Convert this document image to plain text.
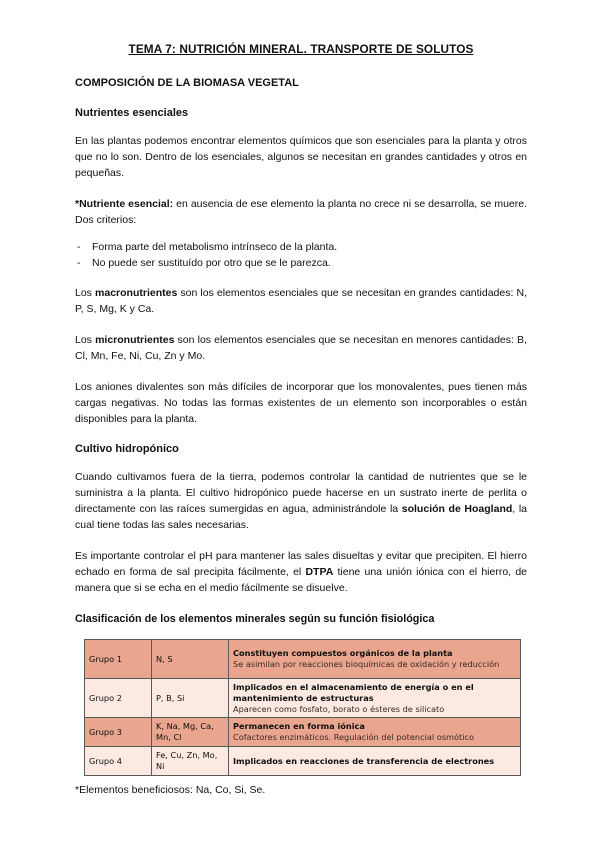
TEMA 7: NUTRICIÓN MINERAL. TRANSPORTE DE SOLUTOS
COMPOSICIÓN DE LA BIOMASA VEGETAL
Nutrientes esenciales
En las plantas podemos encontrar elementos químicos que son esenciales para la planta y otros que no lo son. Dentro de los esenciales, algunos se necesitan en grandes cantidades y otros en pequeñas.
*Nutriente esencial: en ausencia de ese elemento la planta no crece ni se desarrolla, se muere. Dos criterios:
- Forma parte del metabolismo intrínseco de la planta.
- No puede ser sustituído por otro que se le parezca.
Los macronutrientes son los elementos esenciales que se necesitan en grandes cantidades: N, P, S, Mg, K y Ca.
Los micronutrientes son los elementos esenciales que se necesitan en menores cantidades: B, Cl, Mn, Fe, Ni, Cu, Zn y Mo.
Los aniones divalentes son más difíciles de incorporar que los monovalentes, pues tienen más cargas negativas. No todas las formas existentes de un elemento son incorporables o están disponibles para la planta.
Cultivo hidropónico
Cuando cultivamos fuera de la tierra, podemos controlar la cantidad de nutrientes que se le suministra a la planta. El cultivo hidropónico puede hacerse en un sustrato inerte de perlita o directamente con las raíces sumergidas en agua, administrándole la solución de Hoagland, la cual tiene todas las sales necesarias.
Es importante controlar el pH para mantener las sales disueltas y evitar que precipiten. El hierro echado en forma de sal precipita fácilmente, el DTPA tiene una unión iónica con el hierro, de manera que si se echa en el medio fácilmente se disuelve.
Clasificación de los elementos minerales según su función fisiológica
Grupo 1	N, S	Constituyen compuestos orgánicos de la planta
Se asimilan por reacciones bioquímicas de oxidación y reducción

Grupo 2	P, B, Si	Implicados en el almacenamiento de energía o en el mantenimiento de estructuras
Aparecen como fosfato, borato o ésteres de silicato

Grupo 3	K, Na, Mg, Ca, Mn, Cl	Permanecen en forma iónica
Cofactores enzimáticos. Regulación del potencial osmótico

Grupo 4	Fe, Cu, Zn, Mo, Ni	Implicados en reacciones de transferencia de electrones
*Elementos beneficiosos: Na, Co, Si, Se.
